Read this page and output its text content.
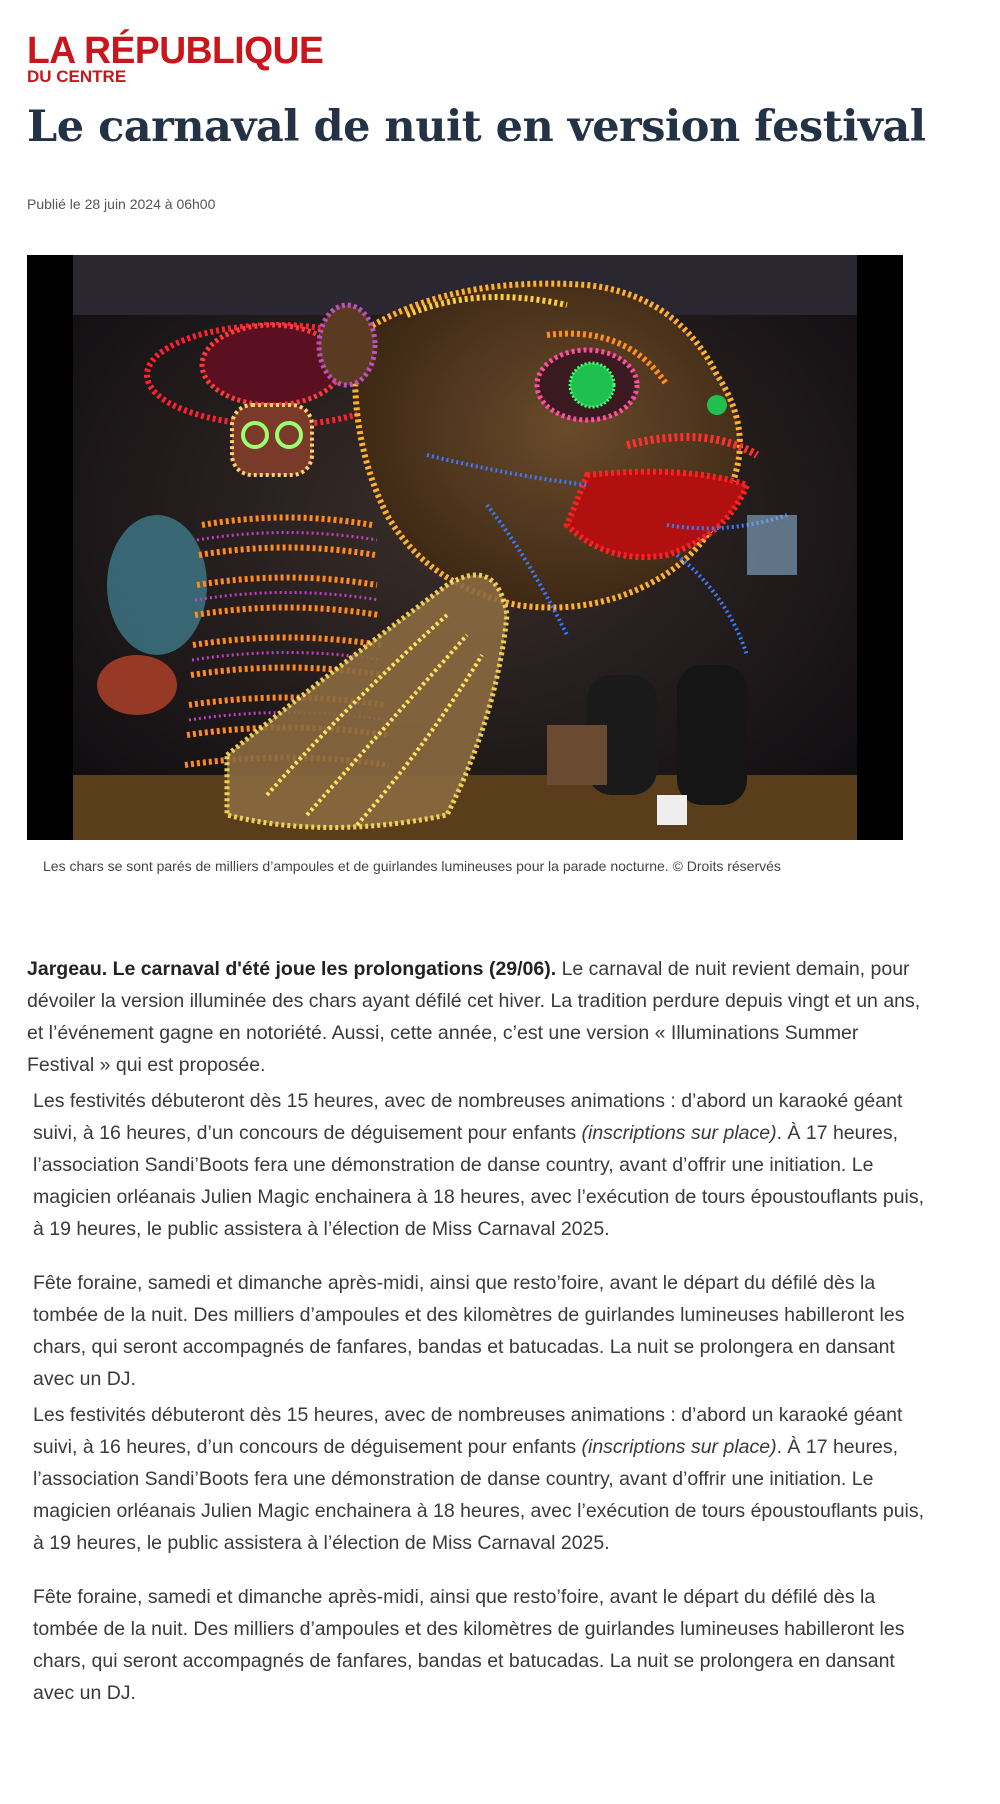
LA RÉPUBLIQUE
DU CENTRE
Le carnaval de nuit en version festival
Publié le 28 juin 2024 à 06h00
Les chars se sont parés de milliers d’ampoules et de guirlandes lumineuses pour la parade nocturne. © Droits réservés

Jargeau. Le carnaval d'été joue les prolongations (29/06). Le carnaval de nuit revient demain, pour dévoiler la version illuminée des chars ayant défilé cet hiver. La tradition perdure depuis vingt et un ans, et l’événement gagne en notoriété. Aussi, cette année, c’est une version « Illuminations Summer Festival » qui est proposée.

Les festivités débuteront dès 15 heures, avec de nombreuses animations : d’abord un karaoké géant suivi, à 16 heures, d’un concours de déguisement pour enfants (inscriptions sur place). À 17 heures, l’association Sandi’Boots fera une démonstration de danse country, avant d’offrir une initiation. Le magicien orléanais Julien Magic enchainera à 18 heures, avec l’exécution de tours époustouflants puis, à 19 heures, le public assistera à l’élection de Miss Carnaval 2025.

Fête foraine, samedi et dimanche après-midi, ainsi que resto’foire, avant le départ du défilé dès la tombée de la nuit. Des milliers d’ampoules et des kilomètres de guirlandes lumineuses habilleront les chars, qui seront accompagnés de fanfares, bandas et batucadas. La nuit se prolongera en dansant avec un DJ.

Les festivités débuteront dès 15 heures, avec de nombreuses animations : d’abord un karaoké géant suivi, à 16 heures, d’un concours de déguisement pour enfants (inscriptions sur place). À 17 heures, l’association Sandi’Boots fera une démonstration de danse country, avant d’offrir une initiation. Le magicien orléanais Julien Magic enchainera à 18 heures, avec l’exécution de tours époustouflants puis, à 19 heures, le public assistera à l’élection de Miss Carnaval 2025.

Fête foraine, samedi et dimanche après-midi, ainsi que resto’foire, avant le départ du défilé dès la tombée de la nuit. Des milliers d’ampoules et des kilomètres de guirlandes lumineuses habilleront les chars, qui seront accompagnés de fanfares, bandas et batucadas. La nuit se prolongera en dansant avec un DJ.
